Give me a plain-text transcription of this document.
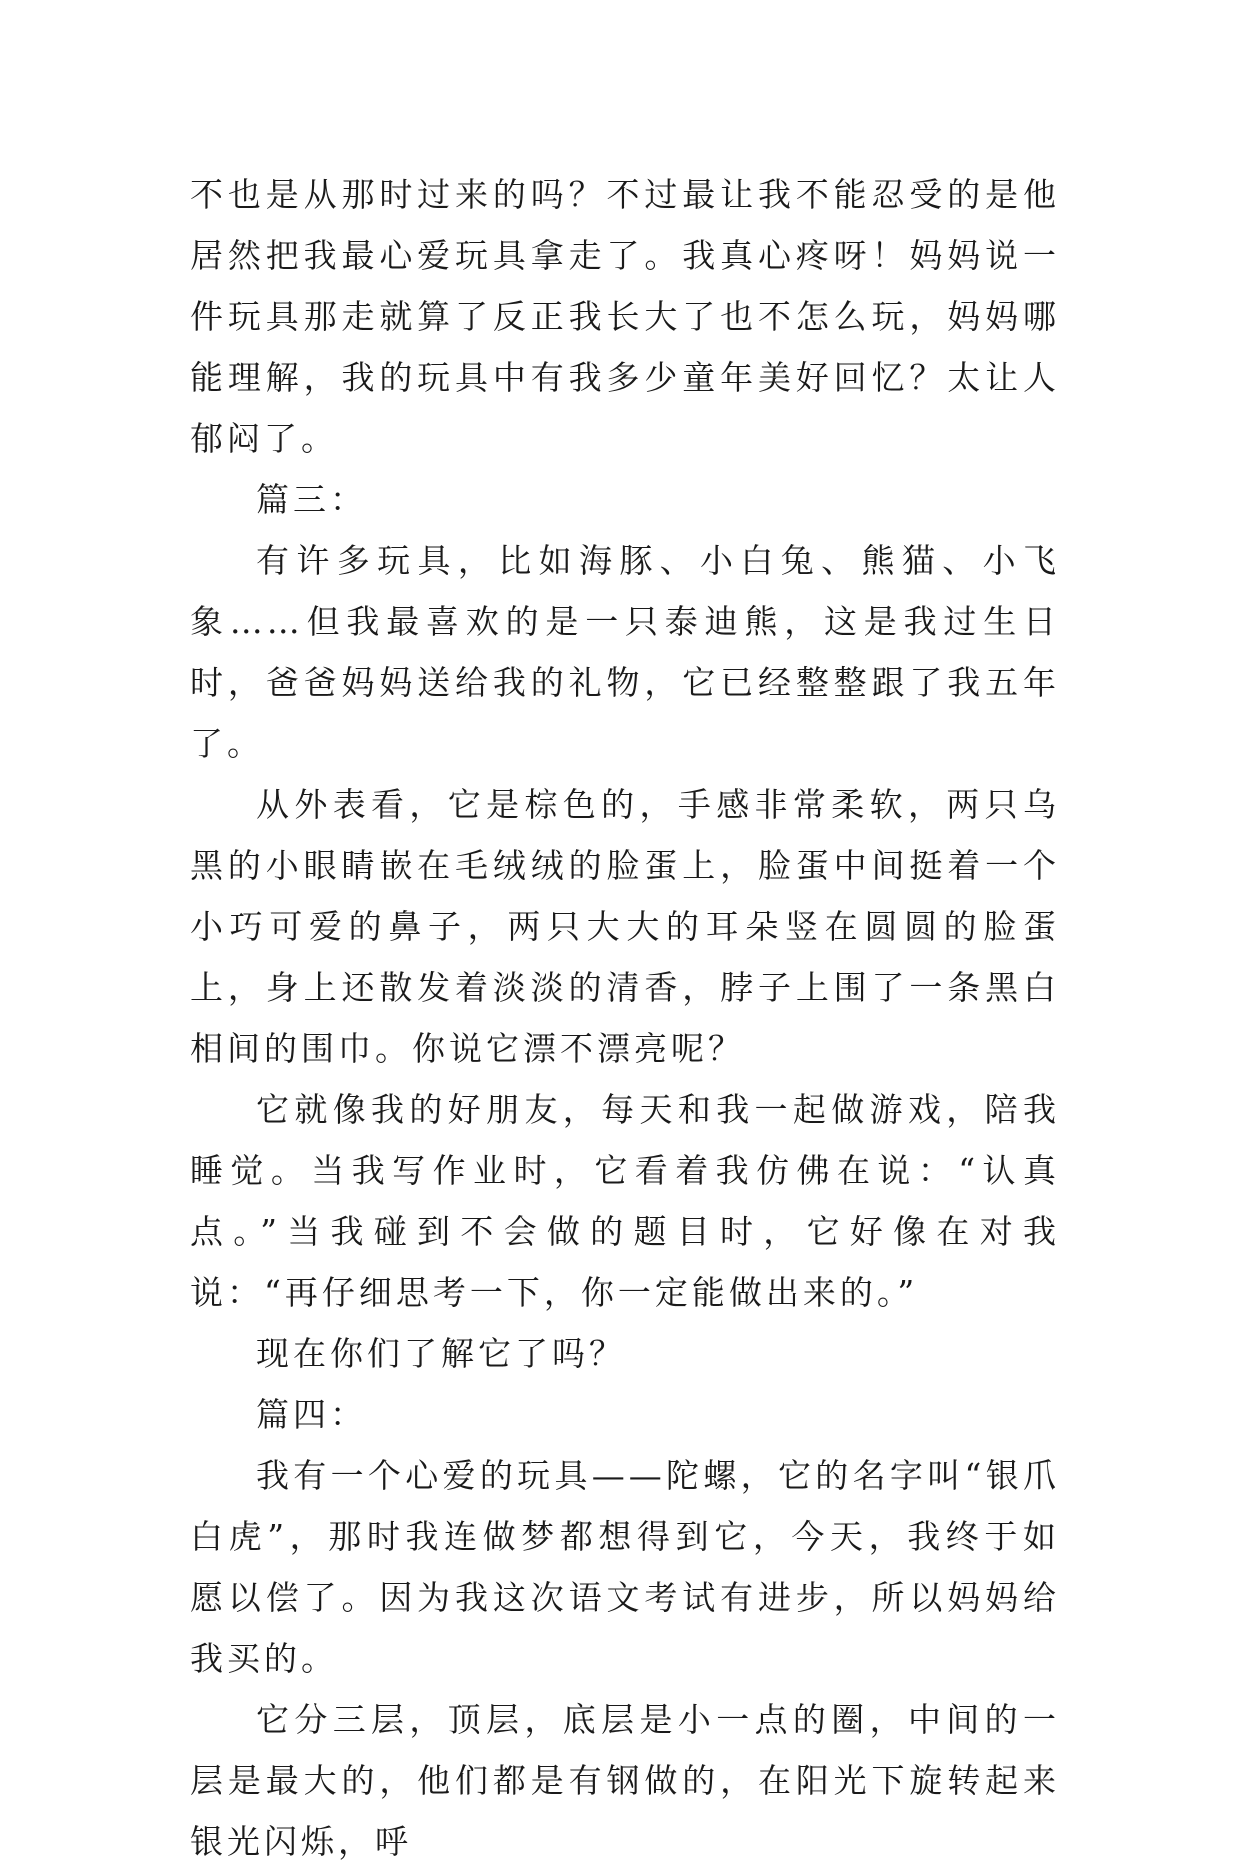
不也是从那时过来的吗？不过最让我不能忍受的是他居然把我最心爱玩具拿走了。我真心疼呀！妈妈说一件玩具那走就算了反正我长大了也不怎么玩，妈妈哪能理解，我的玩具中有我多少童年美好回忆？太让人郁闷了。

篇三：

有许多玩具，比如海豚、小白兔、熊猫、小飞象……但我最喜欢的是一只泰迪熊，这是我过生日时，爸爸妈妈送给我的礼物，它已经整整跟了我五年了。

从外表看，它是棕色的，手感非常柔软，两只乌黑的小眼睛嵌在毛绒绒的脸蛋上，脸蛋中间挺着一个小巧可爱的鼻子，两只大大的耳朵竖在圆圆的脸蛋上，身上还散发着淡淡的清香，脖子上围了一条黑白相间的围巾。你说它漂不漂亮呢？

它就像我的好朋友，每天和我一起做游戏，陪我睡觉。当我写作业时，它看着我仿佛在说：“认真点。”当我碰到不会做的题目时，它好像在对我说：“再仔细思考一下，你一定能做出来的。”

现在你们了解它了吗？

篇四：

我有一个心爱的玩具——陀螺，它的名字叫“银爪白虎”，那时我连做梦都想得到它，今天，我终于如愿以偿了。因为我这次语文考试有进步，所以妈妈给我买的。

它分三层，顶层，底层是小一点的圈，中间的一层是最大的，他们都是有钢做的，在阳光下旋转起来银光闪烁，呼
